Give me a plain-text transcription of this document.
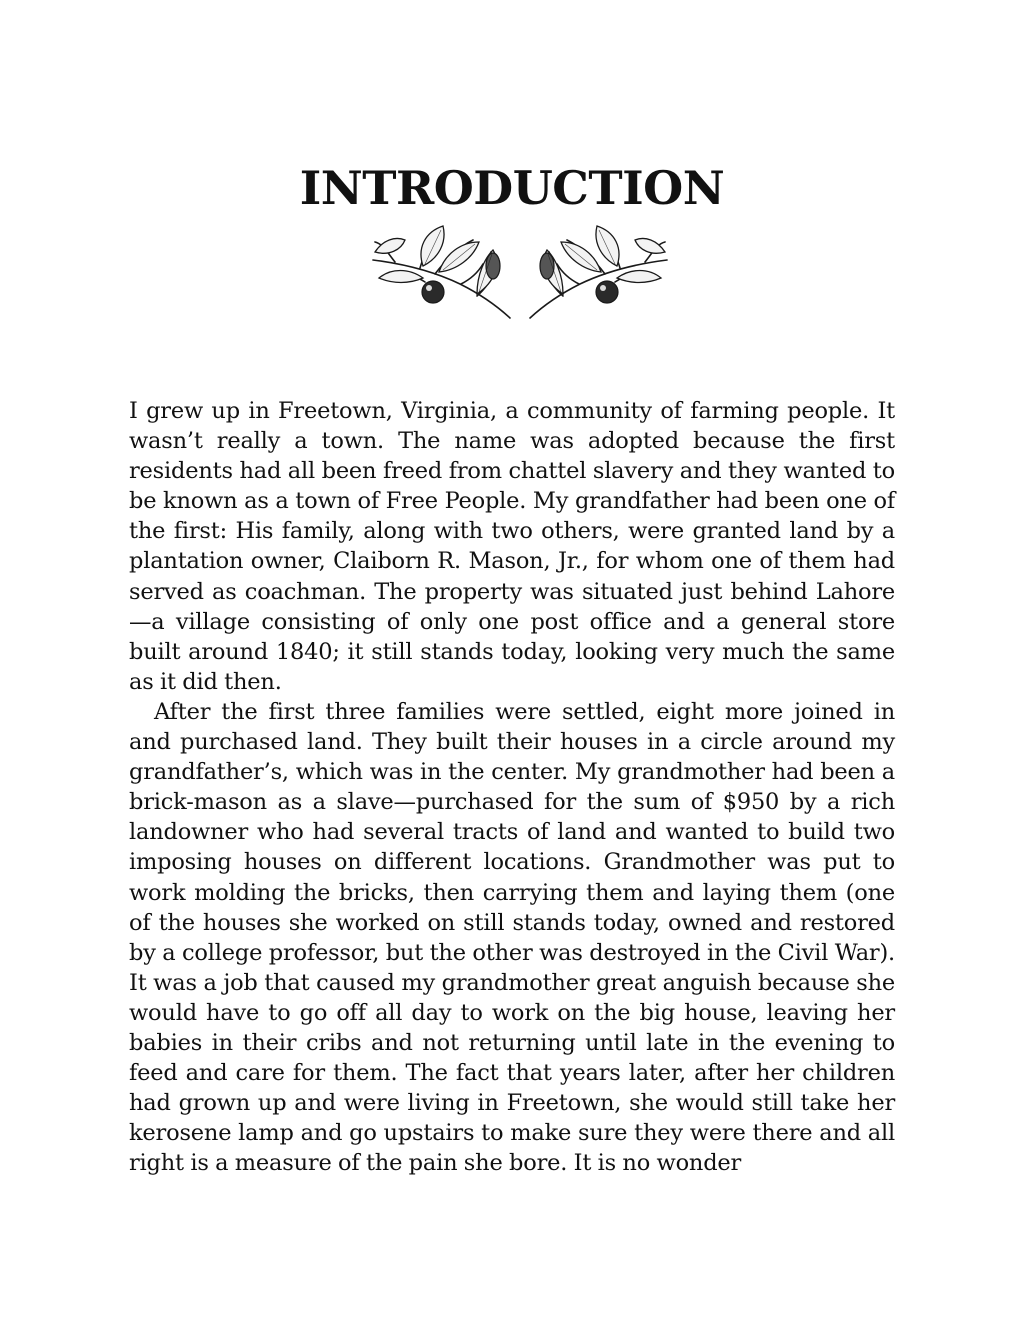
INTRODUCTION

I grew up in Freetown, Virginia, a community of farming people. It wasn’t really a town. The name was adopted because the first residents had all been freed from chattel slavery and they wanted to be known as a town of Free People. My grandfather had been one of the first: His family, along with two others, were granted land by a plantation owner, Claiborn R. Mason, Jr., for whom one of them had served as coachman. The property was situated just behind Lahore—a village consisting of only one post office and a general store built around 1840; it still stands today, looking very much the same as it did then.

After the first three families were settled, eight more joined in and purchased land. They built their houses in a circle around my grandfather’s, which was in the center. My grandmother had been a brick-mason as a slave—purchased for the sum of $950 by a rich landowner who had several tracts of land and wanted to build two imposing houses on different locations. Grandmother was put to work molding the bricks, then carrying them and laying them (one of the houses she worked on still stands today, owned and restored by a college professor, but the other was destroyed in the Civil War). It was a job that caused my grandmother great anguish because she would have to go off all day to work on the big house, leaving her babies in their cribs and not returning until late in the evening to feed and care for them. The fact that years later, after her children had grown up and were living in Freetown, she would still take her kerosene lamp and go upstairs to make sure they were there and all right is a measure of the pain she bore. It is no wonder
